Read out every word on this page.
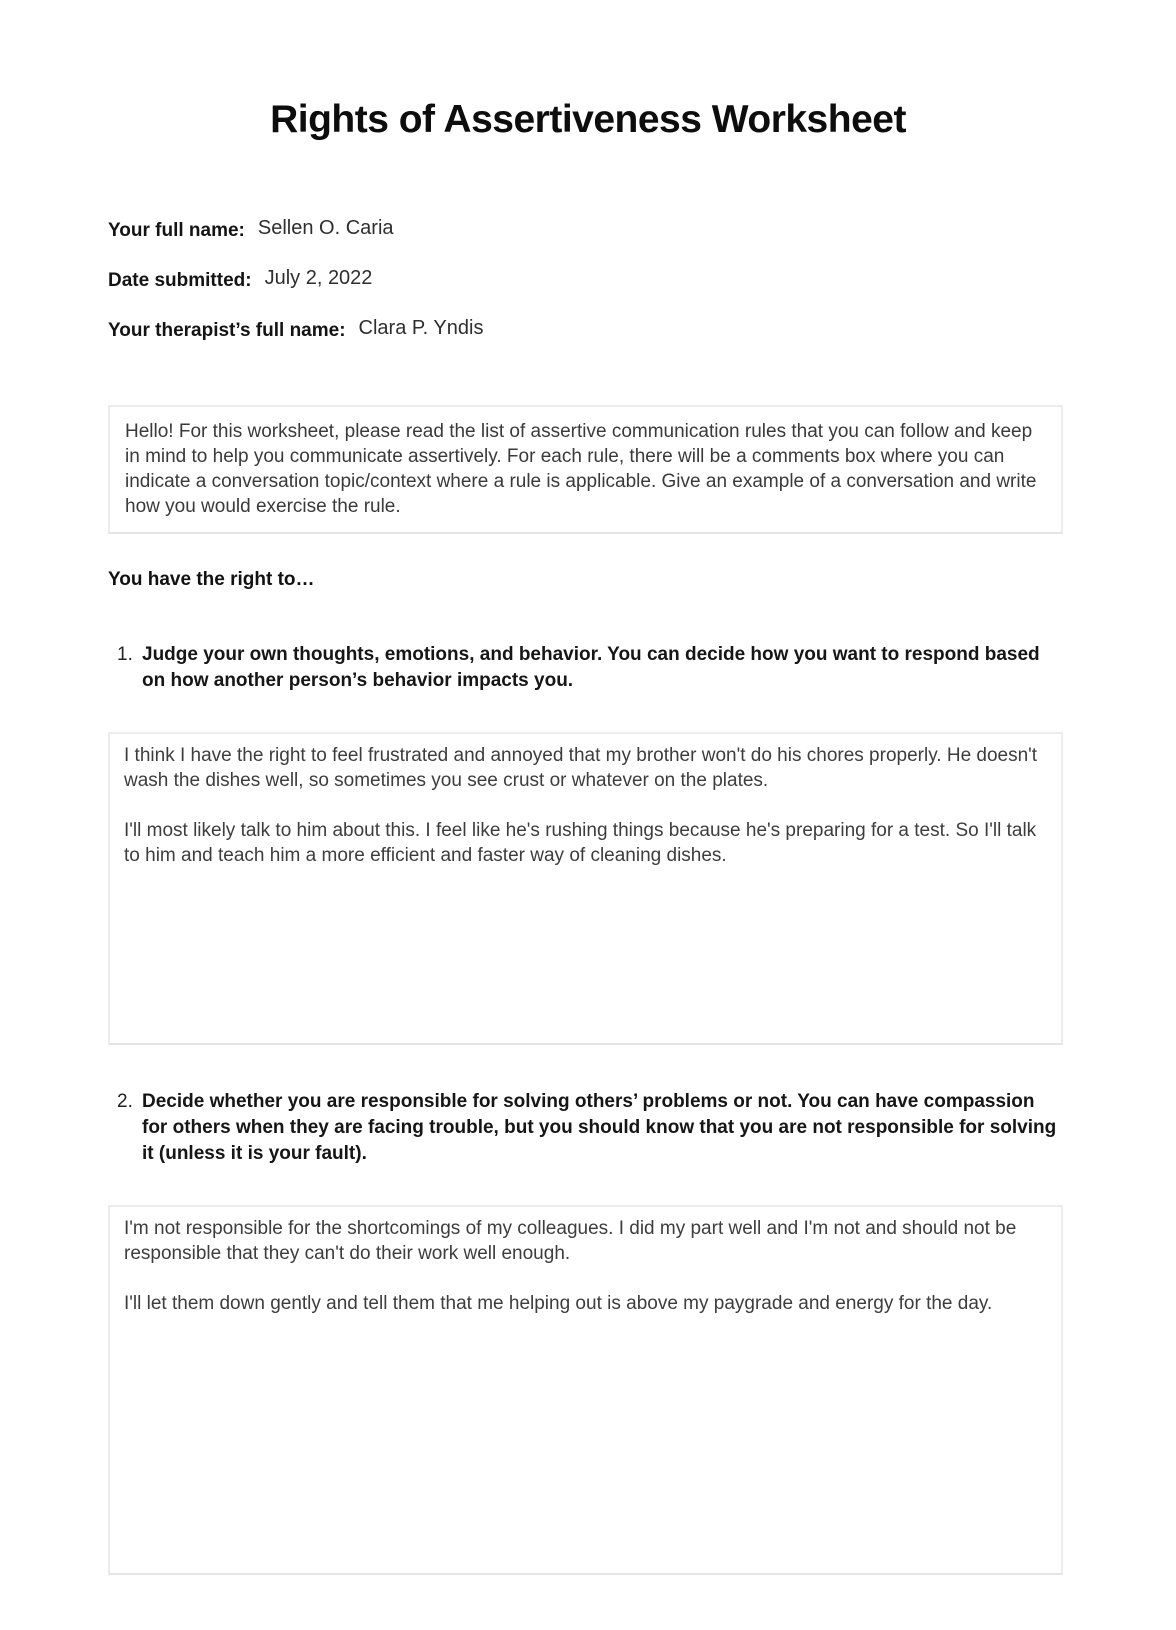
Rights of Assertiveness Worksheet
Your full name: Sellen O. Caria
Date submitted: July 2, 2022
Your therapist’s full name: Clara P. Yndis
Hello! For this worksheet, please read the list of assertive communication rules that you can follow and keep in mind to help you communicate assertively. For each rule, there will be a comments box where you can indicate a conversation topic/context where a rule is applicable. Give an example of a conversation and write how you would exercise the rule.
You have the right to…
1. Judge your own thoughts, emotions, and behavior. You can decide how you want to respond based on how another person’s behavior impacts you.

I think I have the right to feel frustrated and annoyed that my brother won't do his chores properly. He doesn't wash the dishes well, so sometimes you see crust or whatever on the plates.

I'll most likely talk to him about this. I feel like he's rushing things because he's preparing for a test. So I'll talk to him and teach him a more efficient and faster way of cleaning dishes.

2. Decide whether you are responsible for solving others’ problems or not. You can have compassion for others when they are facing trouble, but you should know that you are not responsible for solving it (unless it is your fault).

I'm not responsible for the shortcomings of my colleagues. I did my part well and I'm not and should not be responsible that they can't do their work well enough.

I'll let them down gently and tell them that me helping out is above my paygrade and energy for the day.
